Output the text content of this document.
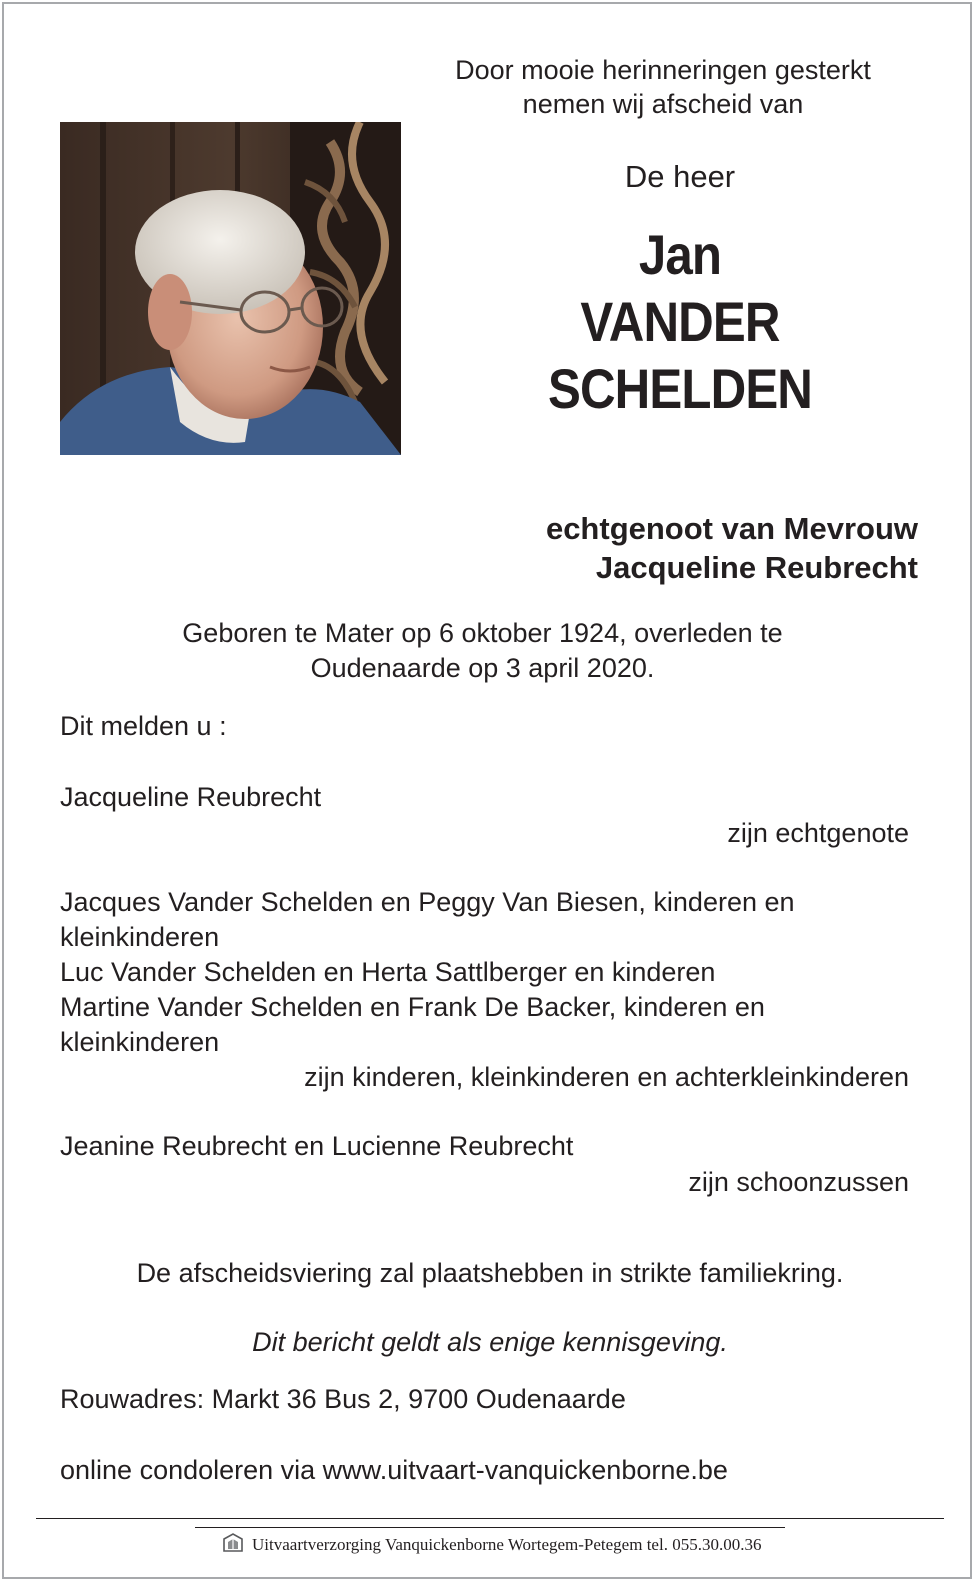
Door mooie herinneringen gesterkt
nemen wij afscheid van
De heer
Jan
VANDER
SCHELDEN
echtgenoot van Mevrouw
Jacqueline Reubrecht
Geboren te Mater op 6 oktober 1924, overleden te
Oudenaarde op 3 april 2020.
Dit melden u :
Jacqueline Reubrecht
zijn echtgenote
Jacques Vander Schelden en Peggy Van Biesen, kinderen en
kleinkinderen
Luc Vander Schelden en Herta Sattlberger en kinderen
Martine Vander Schelden en Frank De Backer, kinderen en
kleinkinderen
zijn kinderen, kleinkinderen en achterkleinkinderen
Jeanine Reubrecht en Lucienne Reubrecht
zijn schoonzussen
De afscheidsviering zal plaatshebben in strikte familiekring.
Dit bericht geldt als enige kennisgeving.
Rouwadres: Markt 36 Bus 2, 9700 Oudenaarde
online condoleren via www.uitvaart-vanquickenborne.be
Uitvaartverzorging Vanquickenborne Wortegem-Petegem tel. 055.30.00.36
